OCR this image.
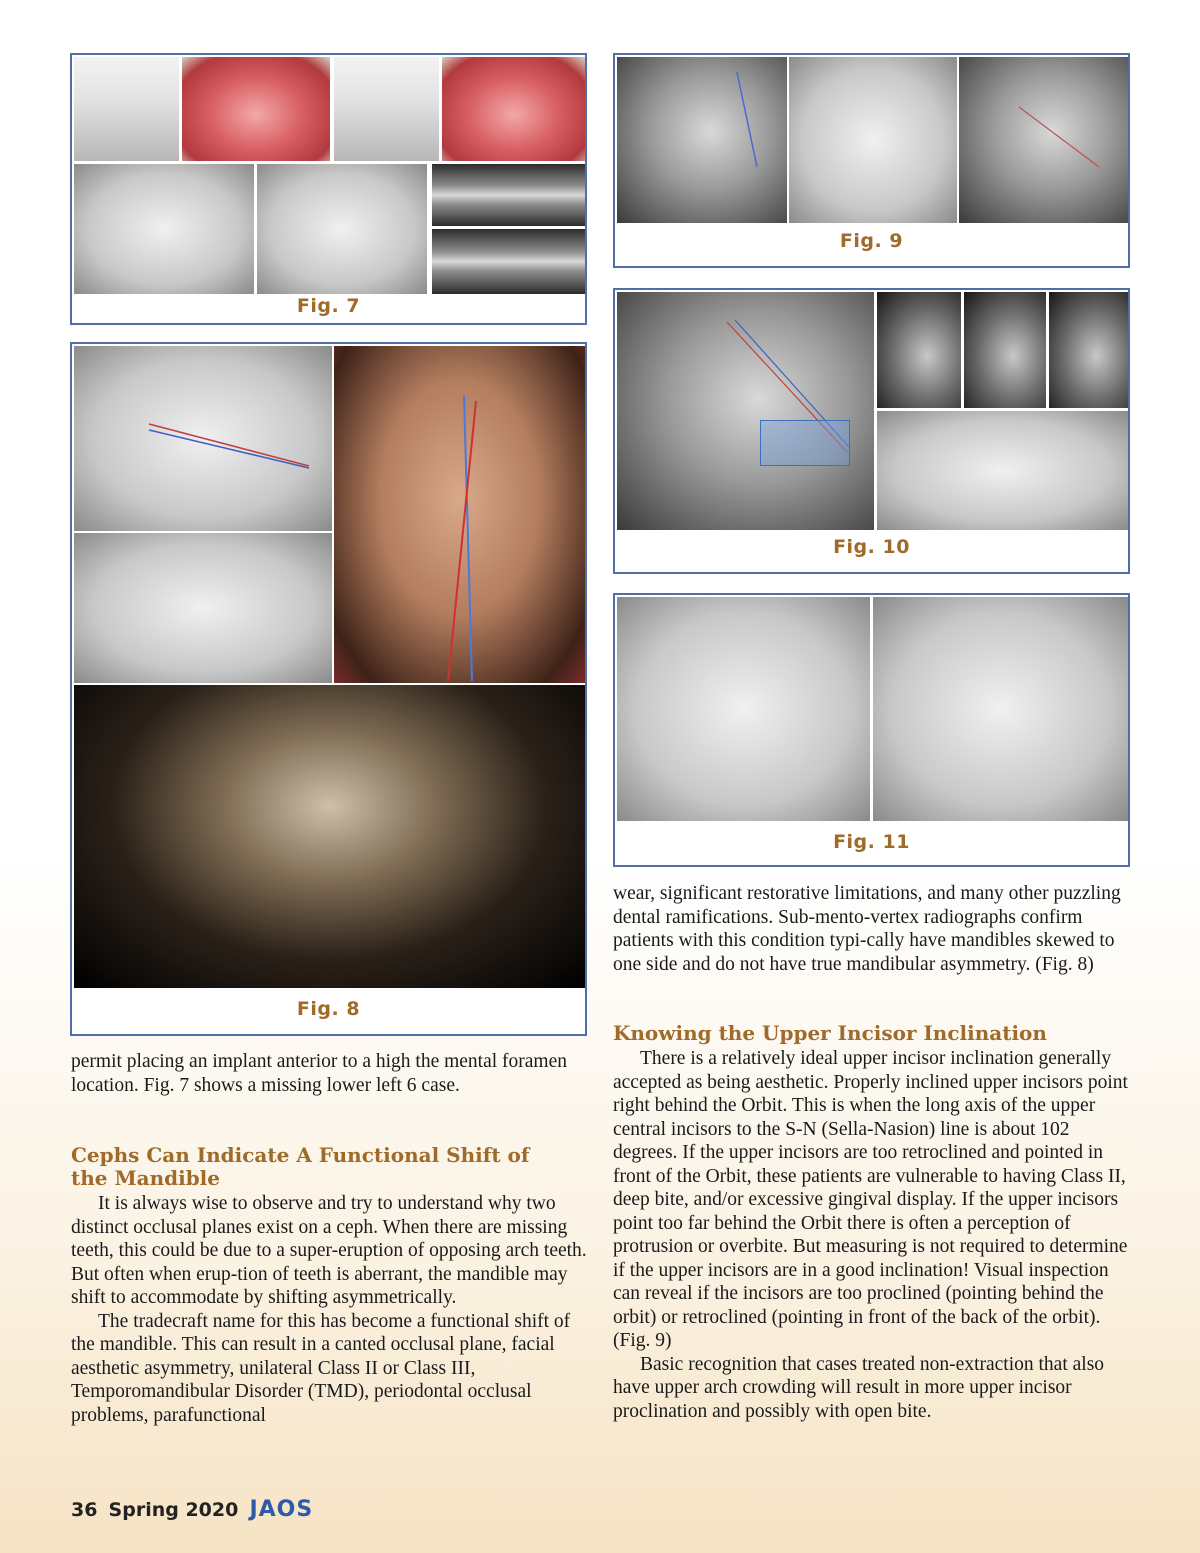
Fig. 7
Fig. 8
Fig. 9
Fig. 10
Fig. 11

permit placing an implant anterior to a high the mental foramen location. Fig. 7 shows a missing lower left 6 case.

Cephs Can Indicate A Functional Shift of the Mandible

It is always wise to observe and try to understand why two distinct occlusal planes exist on a ceph. When there are missing teeth, this could be due to a super-eruption of opposing arch teeth. But often when erup-tion of teeth is aberrant, the mandible may shift to accommodate by shifting asymmetrically.

The tradecraft name for this has become a functional shift of the mandible. This can result in a canted occlusal plane, facial aesthetic asymmetry, unilateral Class II or Class III, Temporomandibular Disorder (TMD), periodontal occlusal problems, parafunctional

wear, significant restorative limitations, and many other puzzling dental ramifications. Sub-mento-vertex radiographs confirm patients with this condition typi-cally have mandibles skewed to one side and do not have true mandibular asymmetry. (Fig. 8)

Knowing the Upper Incisor Inclination

There is a relatively ideal upper incisor inclination generally accepted as being aesthetic. Properly inclined upper incisors point right behind the Orbit. This is when the long axis of the upper central incisors to the S-N (Sella-Nasion) line is about 102 degrees. If the upper incisors are too retroclined and pointed in front of the Orbit, these patients are vulnerable to having Class II, deep bite, and/or excessive gingival display. If the upper incisors point too far behind the Orbit there is often a perception of protrusion or overbite. But measuring is not required to determine if the upper incisors are in a good inclination! Visual inspection can reveal if the incisors are too proclined (pointing behind the orbit) or retroclined (pointing in front of the back of the orbit).(Fig. 9)

Basic recognition that cases treated non-extraction that also have upper arch crowding will result in more upper incisor proclination and possibly with open bite.

36 Spring 2020 JAOS
